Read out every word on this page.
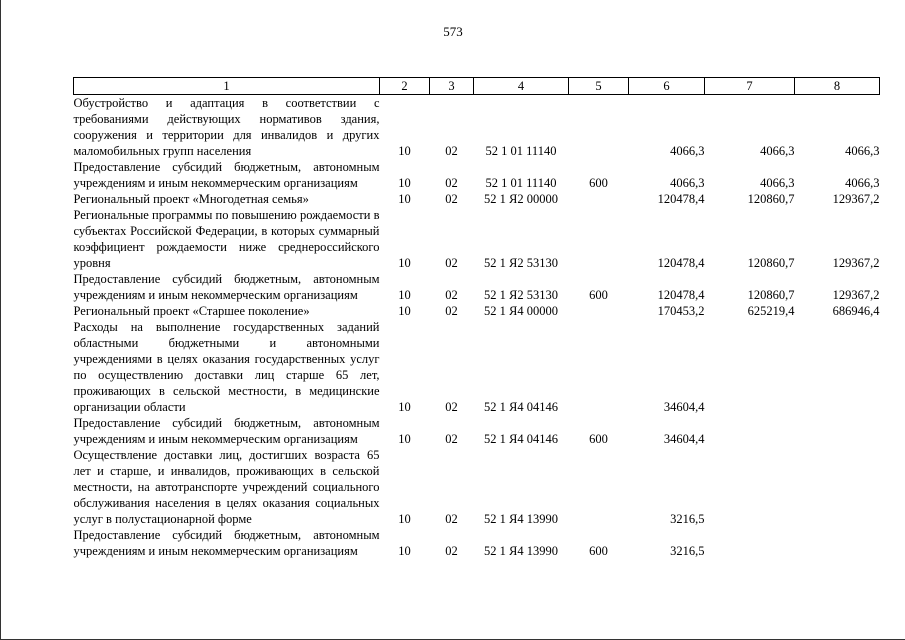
573
1	2	3	4	5	6	7	8
Обустройство и адаптация в соответствии с требованиями действующих нормативов здания, сооружения и территории для инвалидов и других маломобильных групп населения	10	02	52 1 01 11140		4066,3	4066,3	4066,3
Предоставление субсидий бюджетным, автономным учреждениям и иным некоммерческим организациям	10	02	52 1 01 11140	600	4066,3	4066,3	4066,3
Региональный проект «Многодетная семья»	10	02	52 1 Я2 00000		120478,4	120860,7	129367,2
Региональные программы по повышению рождаемости в субъектах Российской Федерации, в которых суммарный коэффициент рождаемости ниже среднероссийского уровня	10	02	52 1 Я2 53130		120478,4	120860,7	129367,2
Предоставление субсидий бюджетным, автономным учреждениям и иным некоммерческим организациям	10	02	52 1 Я2 53130	600	120478,4	120860,7	129367,2
Региональный проект «Старшее поколение»	10	02	52 1 Я4 00000		170453,2	625219,4	686946,4
Расходы на выполнение государственных заданий областными бюджетными и автономными учреждениями в целях оказания государственных услуг по осуществлению доставки лиц старше 65 лет, проживающих в сельской местности, в медицинские организации области	10	02	52 1 Я4 04146		34604,4		
Предоставление субсидий бюджетным, автономным учреждениям и иным некоммерческим организациям	10	02	52 1 Я4 04146	600	34604,4		
Осуществление доставки лиц, достигших возраста 65 лет и старше, и инвалидов, проживающих в сельской местности, на автотранспорте учреждений социального обслуживания населения в целях оказания социальных услуг в полустационарной форме	10	02	52 1 Я4 13990		3216,5		
Предоставление субсидий бюджетным, автономным учреждениям и иным некоммерческим организациям	10	02	52 1 Я4 13990	600	3216,5		
